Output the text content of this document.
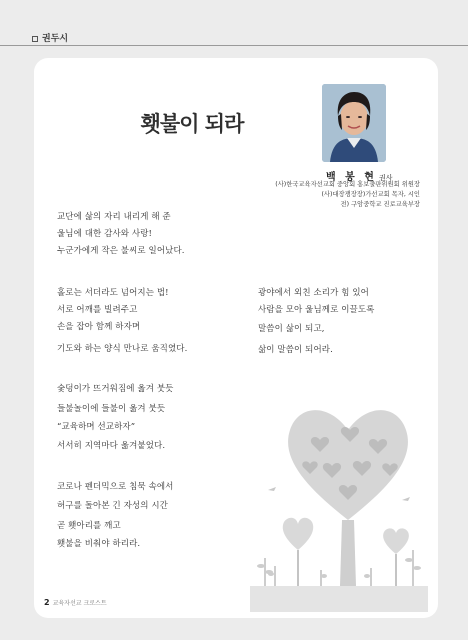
권두시
횃불이 되라
백 봉 현 권사
(사)한국교육자선교회 중앙회 홍보출판위원회 위원장
(사)대장쟁장장)가선교회 목자, 시인
전) 구암중학교 진로교육부장
교단에 삶의 자리 내리게 해 준
울님에 대한 감사와 사랑!
누군가에게 작은 불씨로 일어났다.
홀로는 서더라도 넘어지는 법!
서로 어깨를 빌려주고
손을 잡아 함께 하자며
기도와 하는 양식 만나로 움직였다.
숯덩이가 뜨거워짐에 옮겨 붓듯
들불놀이에 들불이 옮겨 붓듯
“교육하며 선교하자”
서서히 지역마다 옮겨붙었다.
코로나 펜더믹으로 침묵 속에서
허구를 돌아본 긴 자성의 시간
곧 횃아리를 깨고
횃불을 비춰야 하리라.
광야에서 외친 소리가 힘 있어
사람을 모아 울님께로 이끌도록
말씀이 삶이 되고,
삶이 말씀이 되어라.
2 교육자선교 크로스트
